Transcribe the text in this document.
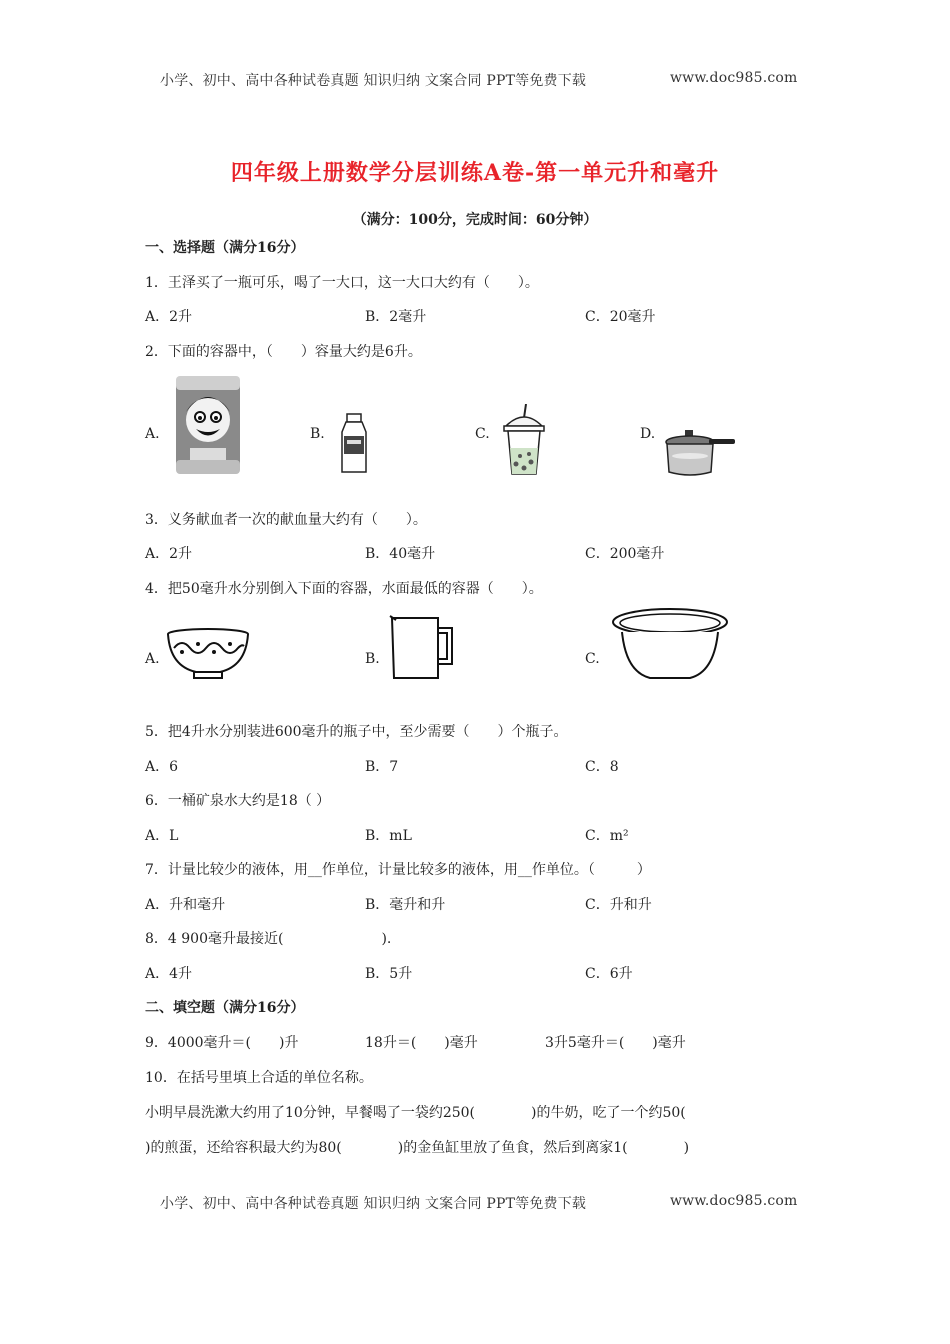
小学、初中、高中各种试卷真题 知识归纳 文案合同 PPT等免费下载	www.doc985.com
四年级上册数学分层训练A卷-第一单元升和毫升
（满分：100分，完成时间：60分钟）
一、选择题（满分16分）
1．王泽买了一瓶可乐，喝了一大口，这一大口大约有（　　）。
A．2升	B．2毫升	C．20毫升
2．下面的容器中，（　　）容量大约是6升。
A.	B.	C.	D.
3．义务献血者一次的献血量大约有（　　）。
A．2升	B．40毫升	C．200毫升
4．把50毫升水分别倒入下面的容器，水面最低的容器（　　）。
A.	B.	C.
5．把4升水分别装进600毫升的瓶子中，至少需要（　　）个瓶子。
A．6	B．7	C．8
6．一桶矿泉水大约是18（ ）
A．L	B．mL	C．m²
7．计量比较少的液体，用__作单位，计量比较多的液体，用__作单位。（　　　）
A．升和毫升	B．毫升和升	C．升和升
8．4 900毫升最接近(　　　　　　　).
A．4升	B．5升	C．6升
二、填空题（满分16分）
9．4000毫升＝(　　)升	18升＝(　　)毫升	3升5毫升＝(　　)毫升
10．在括号里填上合适的单位名称。
小明早晨洗漱大约用了10分钟，早餐喝了一袋约250(　　　　)的牛奶，吃了一个约50(
)的煎蛋，还给容积最大约为80(　　　　)的金鱼缸里放了鱼食，然后到离家1(　　　　)
小学、初中、高中各种试卷真题 知识归纳 文案合同 PPT等免费下载	www.doc985.com
